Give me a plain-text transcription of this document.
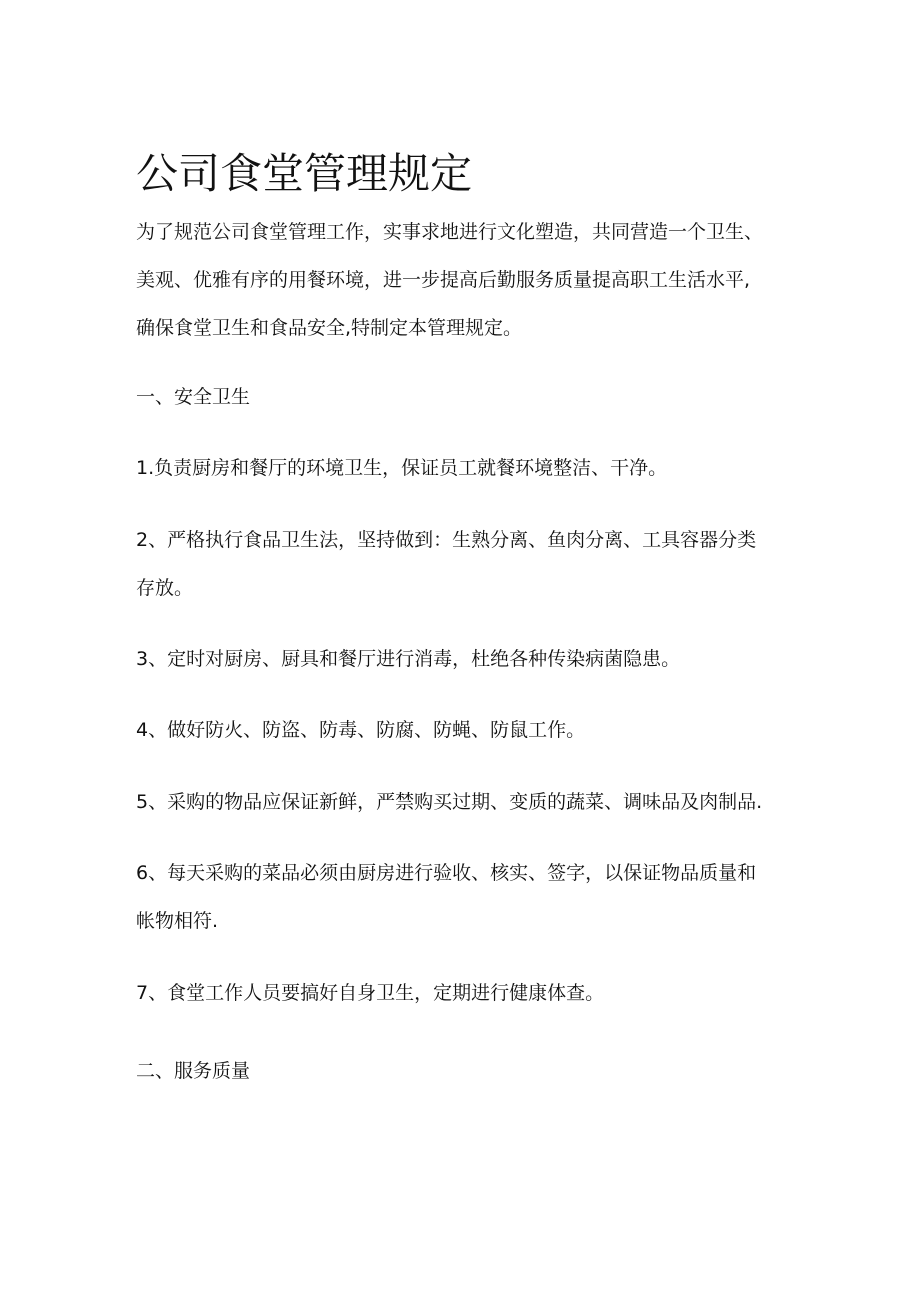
公司食堂管理规定
为了规范公司食堂管理工作，实事求地进行文化塑造，共同营造一个卫生、
美观、优雅有序的用餐环境，进一步提高后勤服务质量提高职工生活水平,
确保食堂卫生和食品安全,特制定本管理规定。
一、安全卫生
1.负责厨房和餐厅的环境卫生，保证员工就餐环境整洁、干净。
2、严格执行食品卫生法，坚持做到：生熟分离、鱼肉分离、工具容器分类
存放。
3、定时对厨房、厨具和餐厅进行消毒，杜绝各种传染病菌隐患。
4、做好防火、防盗、防毒、防腐、防蝇、防鼠工作。
5、采购的物品应保证新鲜，严禁购买过期、变质的蔬菜、调味品及肉制品.
6、每天采购的菜品必须由厨房进行验收、核实、签字，以保证物品质量和
帐物相符.
7、食堂工作人员要搞好自身卫生，定期进行健康体查。
二、服务质量
